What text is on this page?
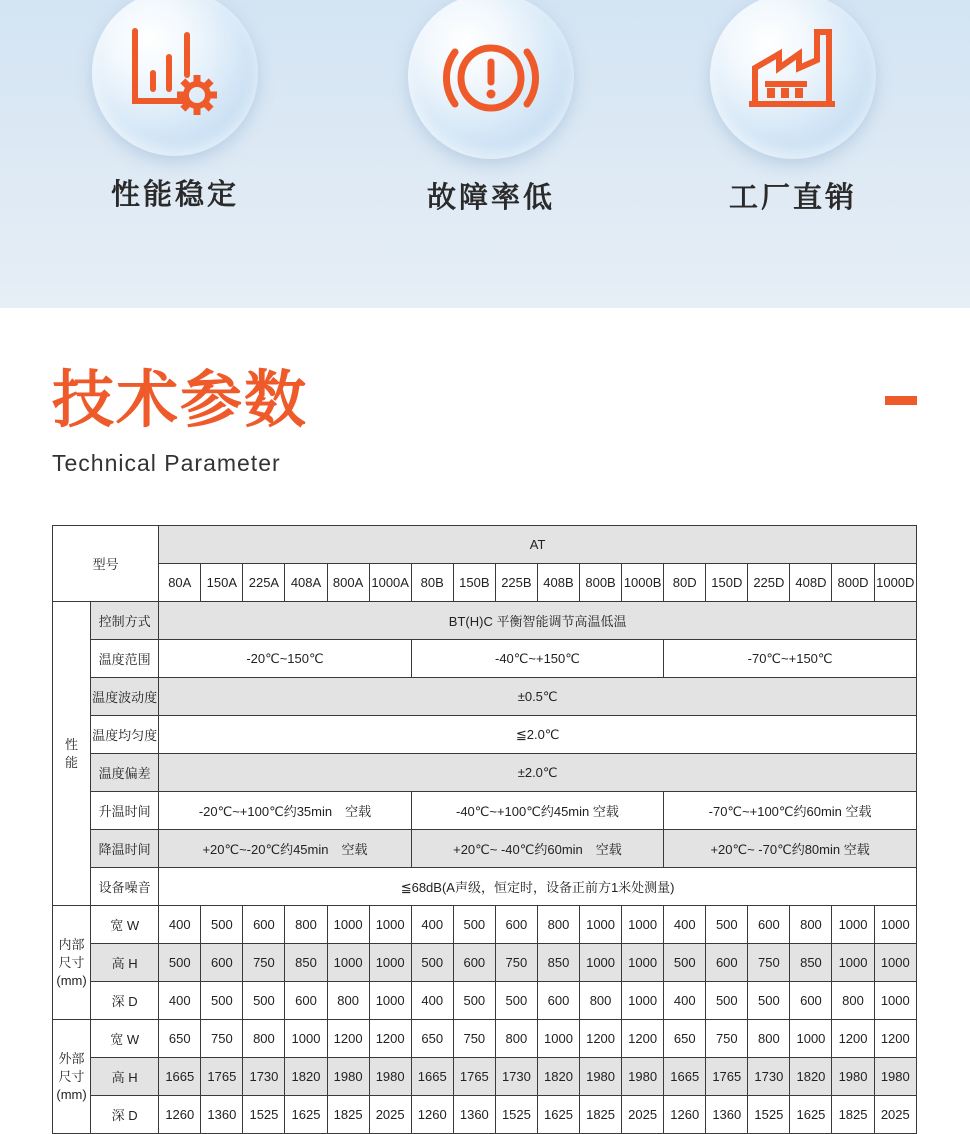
性能稳定	故障率低	工厂直销
技术参数
Technical Parameter
型号		AT																	
		80A	150A	225A	408A	800A	1000A	80B	150B	225B	408B	800B	1000B	80D	150D	225D	408D	800D	1000D
性
能	控制方式	BT(H)C 平衡智能调节高温低温																	
	温度范围	-20℃~150℃						-40℃~+150℃						-70℃~+150℃					
	温度波动度	±0.5℃																	
	温度均匀度	≦2.0℃																	
	温度偏差	±2.0℃																	
	升温时间	-20℃~+100℃约35min　空载						-40℃~+100℃约45min 空载						-70℃~+100℃约60min 空载					
	降温时间	+20℃~-20℃约45min　空载						+20℃~ -40℃约60min　空载						+20℃~ -70℃约80min 空载					
	设备噪音	≦68dB(A声级，恒定时，设备正前方1米处测量)																	
内部
尺寸
(mm)	宽 W	400	500	600	800	1000	1000	400	500	600	800	1000	1000	400	500	600	800	1000	1000
	高 H	500	600	750	850	1000	1000	500	600	750	850	1000	1000	500	600	750	850	1000	1000
	深 D	400	500	500	600	800	1000	400	500	500	600	800	1000	400	500	500	600	800	1000
外部
尺寸
(mm)	宽 W	650	750	800	1000	1200	1200	650	750	800	1000	1200	1200	650	750	800	1000	1200	1200
	高 H	1665	1765	1730	1820	1980	1980	1665	1765	1730	1820	1980	1980	1665	1765	1730	1820	1980	1980
	深 D	1260	1360	1525	1625	1825	2025	1260	1360	1525	1625	1825	2025	1260	1360	1525	1625	1825	2025
